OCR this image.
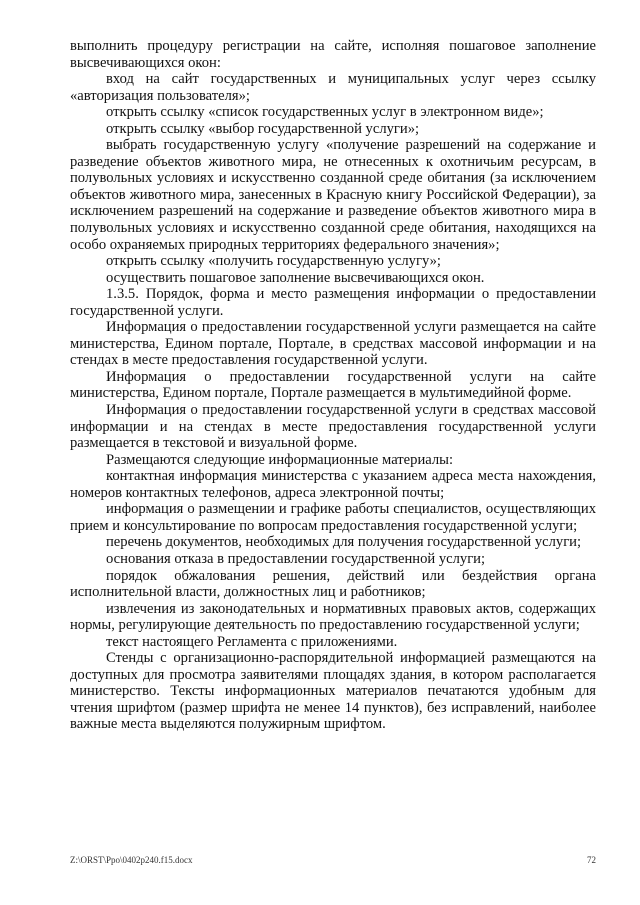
выполнить процедуру регистрации на сайте, исполняя пошаговое заполнение высвечивающихся окон:

вход на сайт государственных и муниципальных услуг через ссылку «авторизация пользователя»;

открыть ссылку «список государственных услуг в электронном виде»;

открыть ссылку «выбор государственной услуги»;

выбрать государственную услугу «получение разрешений на содержание и разведение объектов животного мира, не отнесенных к охотничьим ресурсам, в полувольных условиях и искусственно созданной среде обитания (за исключением объектов животного мира, занесенных в Красную книгу Российской Федерации), за исключением разрешений на содержание и разведение объектов животного мира в полувольных условиях и искусственно созданной среде обитания, находящихся на особо охраняемых природных территориях федерального значения»;

открыть ссылку «получить государственную услугу»;

осуществить пошаговое заполнение высвечивающихся окон.

1.3.5. Порядок, форма и место размещения информации о предоставлении государственной услуги.

Информация о предоставлении государственной услуги размещается на сайте министерства, Едином портале, Портале, в средствах массовой информации и на стендах в месте предоставления государственной услуги.

Информация о предоставлении государственной услуги на сайте министерства, Едином портале, Портале размещается в мультимедийной форме.

Информация о предоставлении государственной услуги в средствах массовой информации и на стендах в месте предоставления государственной услуги размещается в текстовой и визуальной форме.

Размещаются следующие информационные материалы:

контактная информация министерства с указанием адреса места нахождения, номеров контактных телефонов, адреса электронной почты;

информация о размещении и графике работы специалистов, осуществляющих прием и консультирование по вопросам предоставления государственной услуги;

перечень документов, необходимых для получения государственной услуги;

основания отказа в предоставлении государственной услуги;

порядок обжалования решения, действий или бездействия органа исполнительной власти, должностных лиц и работников;

извлечения из законодательных и нормативных правовых актов, содержащих нормы, регулирующие деятельность по предоставлению государственной услуги;

текст настоящего Регламента с приложениями.

Стенды с организационно-распорядительной информацией размещаются на доступных для просмотра заявителями площадях здания, в котором располагается министерство. Тексты информационных материалов печатаются удобным для чтения шрифтом (размер шрифта не менее 14 пунктов), без исправлений, наиболее важные места выделяются полужирным шрифтом.

Z:\ORST\Ppo\0402p240.f15.docx	72
